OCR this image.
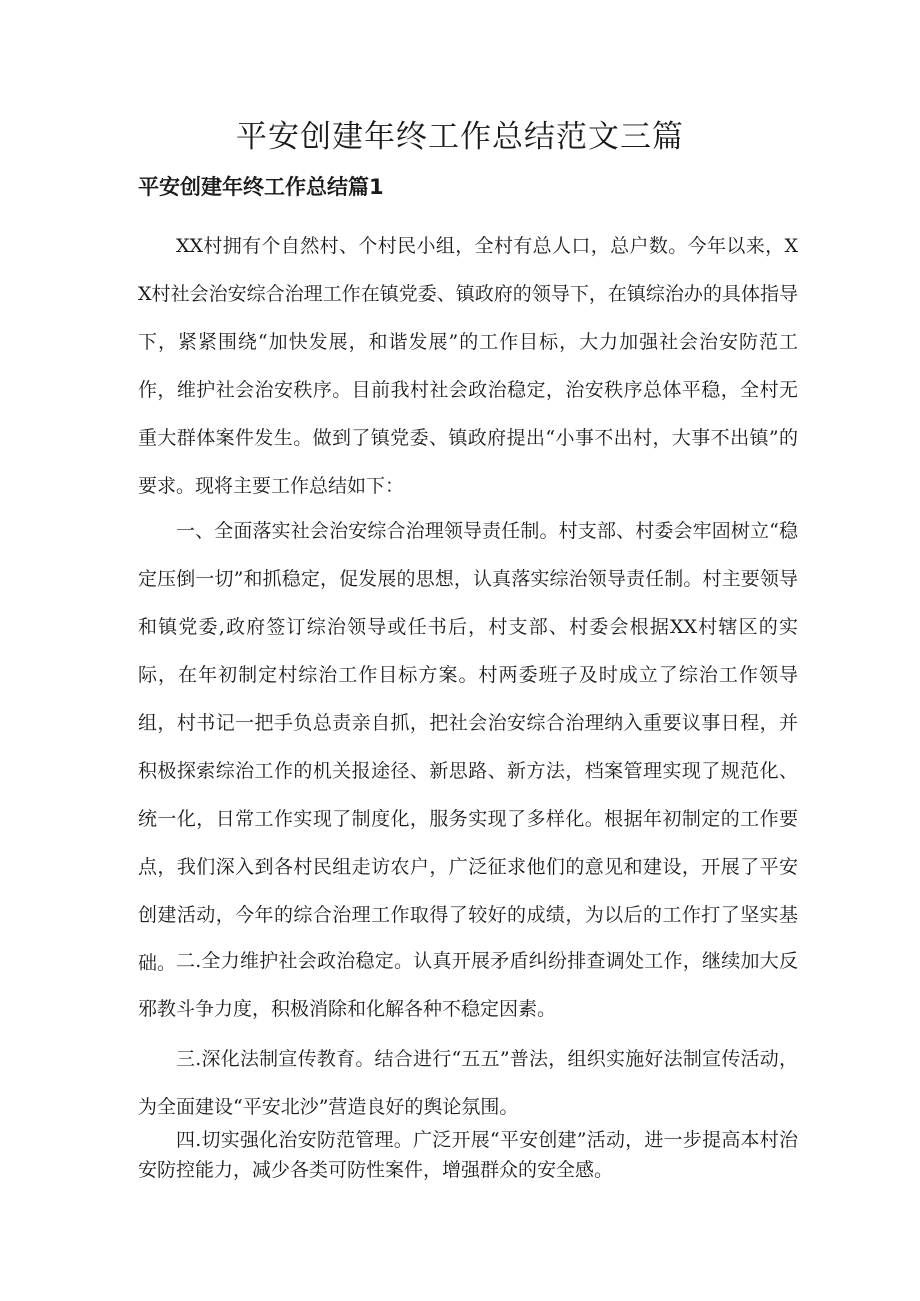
平安创建年终工作总结范文三篇
平安创建年终工作总结篇1

XX村拥有个自然村、个村民小组，全村有总人口，总户数。今年以来，XX村社会治安综合治理工作在镇党委、镇政府的领导下，在镇综治办的具体指导下，紧紧围绕“加快发展，和谐发展”的工作目标，大力加强社会治安防范工作，维护社会治安秩序。目前我村社会政治稳定，治安秩序总体平稳，全村无重大群体案件发生。做到了镇党委、镇政府提出“小事不出村，大事不出镇”的要求。现将主要工作总结如下：

一、全面落实社会治安综合治理领导责任制。村支部、村委会牢固树立“稳定压倒一切”和抓稳定，促发展的思想，认真落实综治领导责任制。村主要领导和镇党委,政府签订综治领导或任书后，村支部、村委会根据XX村辖区的实际，在年初制定村综治工作目标方案。村两委班子及时成立了综治工作领导组，村书记一把手负总责亲自抓，把社会治安综合治理纳入重要议事日程，并积极探索综治工作的机关报途径、新思路、新方法，档案管理实现了规范化、统一化，日常工作实现了制度化，服务实现了多样化。根据年初制定的工作要点，我们深入到各村民组走访农户，广泛征求他们的意见和建设，开展了平安创建活动，今年的综合治理工作取得了较好的成绩，为以后的工作打了坚实基础。 二.全力维护社会政治稳定。认真开展矛盾纠纷排查调处工作，继续加大反邪教斗争力度，积极消除和化解各种不稳定因素。

三.深化法制宣传教育。结合进行“五五”普法，组织实施好法制宣传活动，为全面建设“平安北沙”营造良好的舆论氛围。

四.切实强化治安防范管理。广泛开展“平安创建”活动，进一步提高本村治安防控能力，减少各类可防性案件，增强群众的安全感。
